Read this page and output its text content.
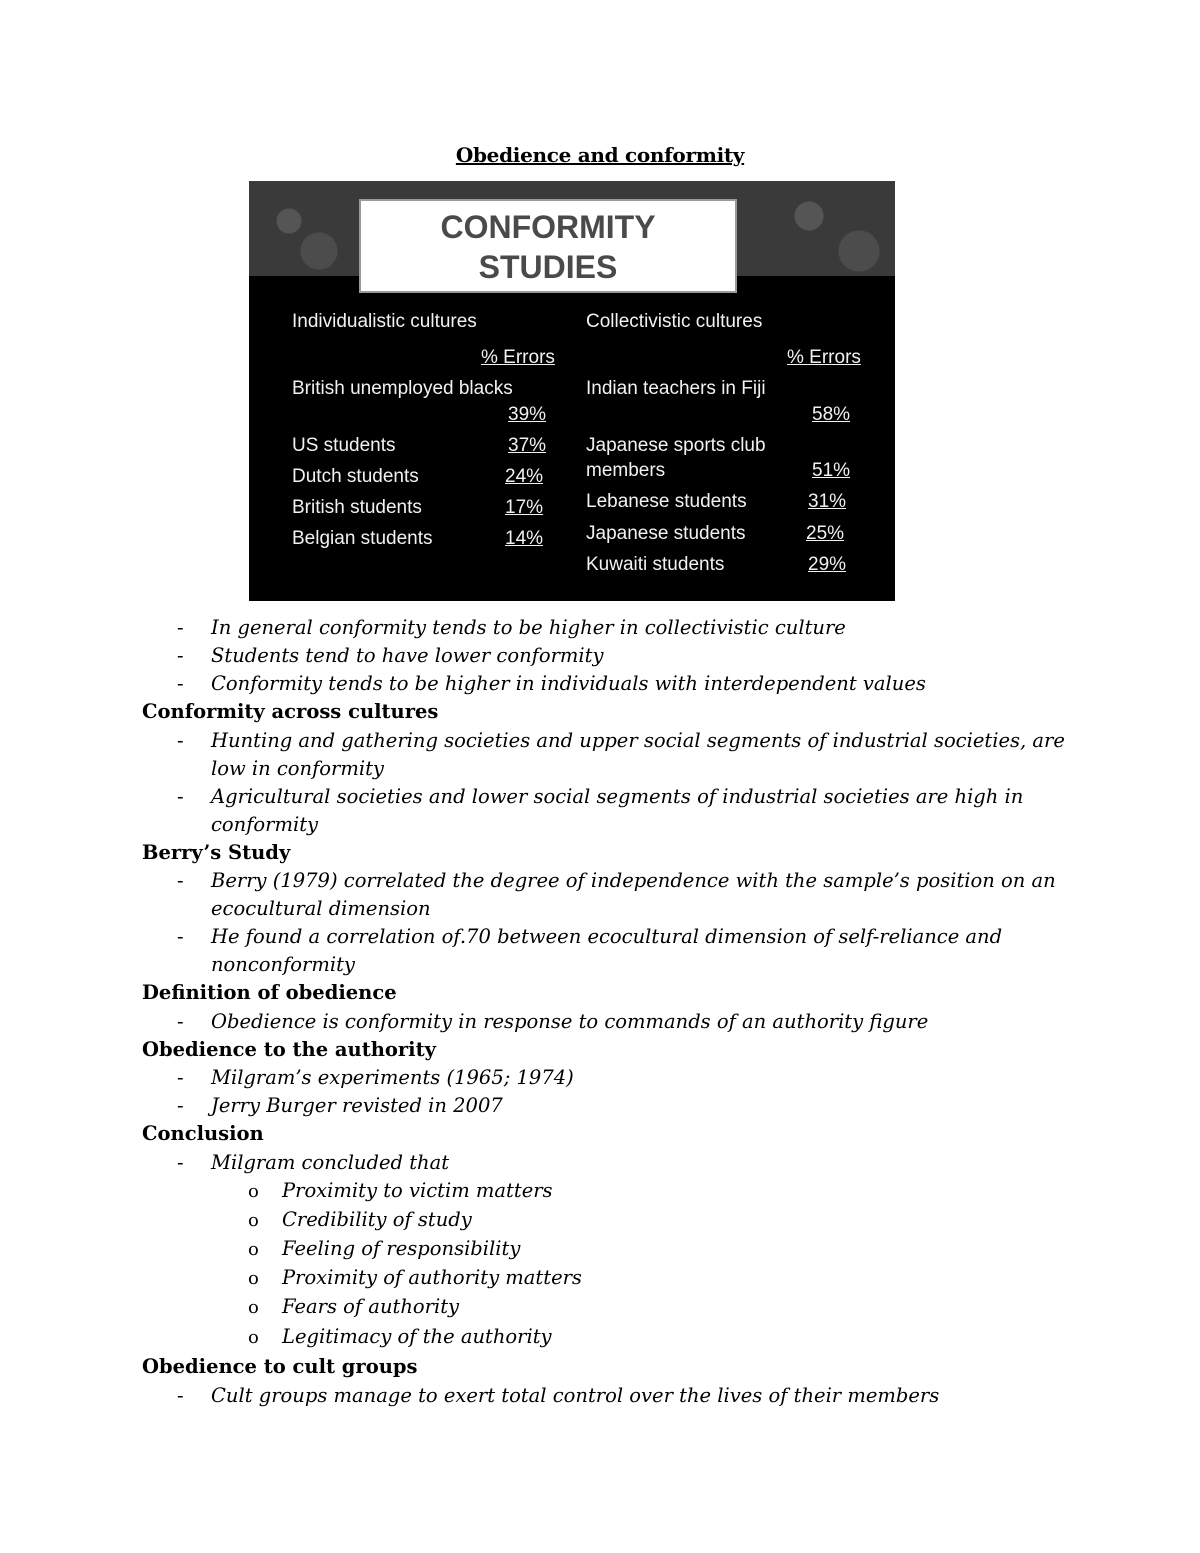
Obedience and conformity
CONFORMITY
STUDIES
Individualistic cultures
% Errors
British unemployed blacks
39%
US students	37%
Dutch students	24%
British students	17%
Belgian students	14%
Collectivistic cultures
% Errors
Indian teachers in Fiji
58%
Japanese sports club
members	51%
Lebanese students	31%
Japanese students	25%
Kuwaiti students	29%
- In general conformity tends to be higher in collectivistic culture
- Students tend to have lower conformity
- Conformity tends to be higher in individuals with interdependent values
Conformity across cultures
- Hunting and gathering societies and upper social segments of industrial societies, are
low in conformity
- Agricultural societies and lower social segments of industrial societies are high in
conformity
Berry’s Study
- Berry (1979) correlated the degree of independence with the sample’s position on an
ecocultural dimension
- He found a correlation of.70 between ecocultural dimension of self-reliance and
nonconformity
Definition of obedience
- Obedience is conformity in response to commands of an authority figure
Obedience to the authority
- Milgram’s experiments (1965; 1974)
- Jerry Burger revisted in 2007
Conclusion
- Milgram concluded that
o Proximity to victim matters
o Credibility of study
o Feeling of responsibility
o Proximity of authority matters
o Fears of authority
o Legitimacy of the authority
Obedience to cult groups
- Cult groups manage to exert total control over the lives of their members
